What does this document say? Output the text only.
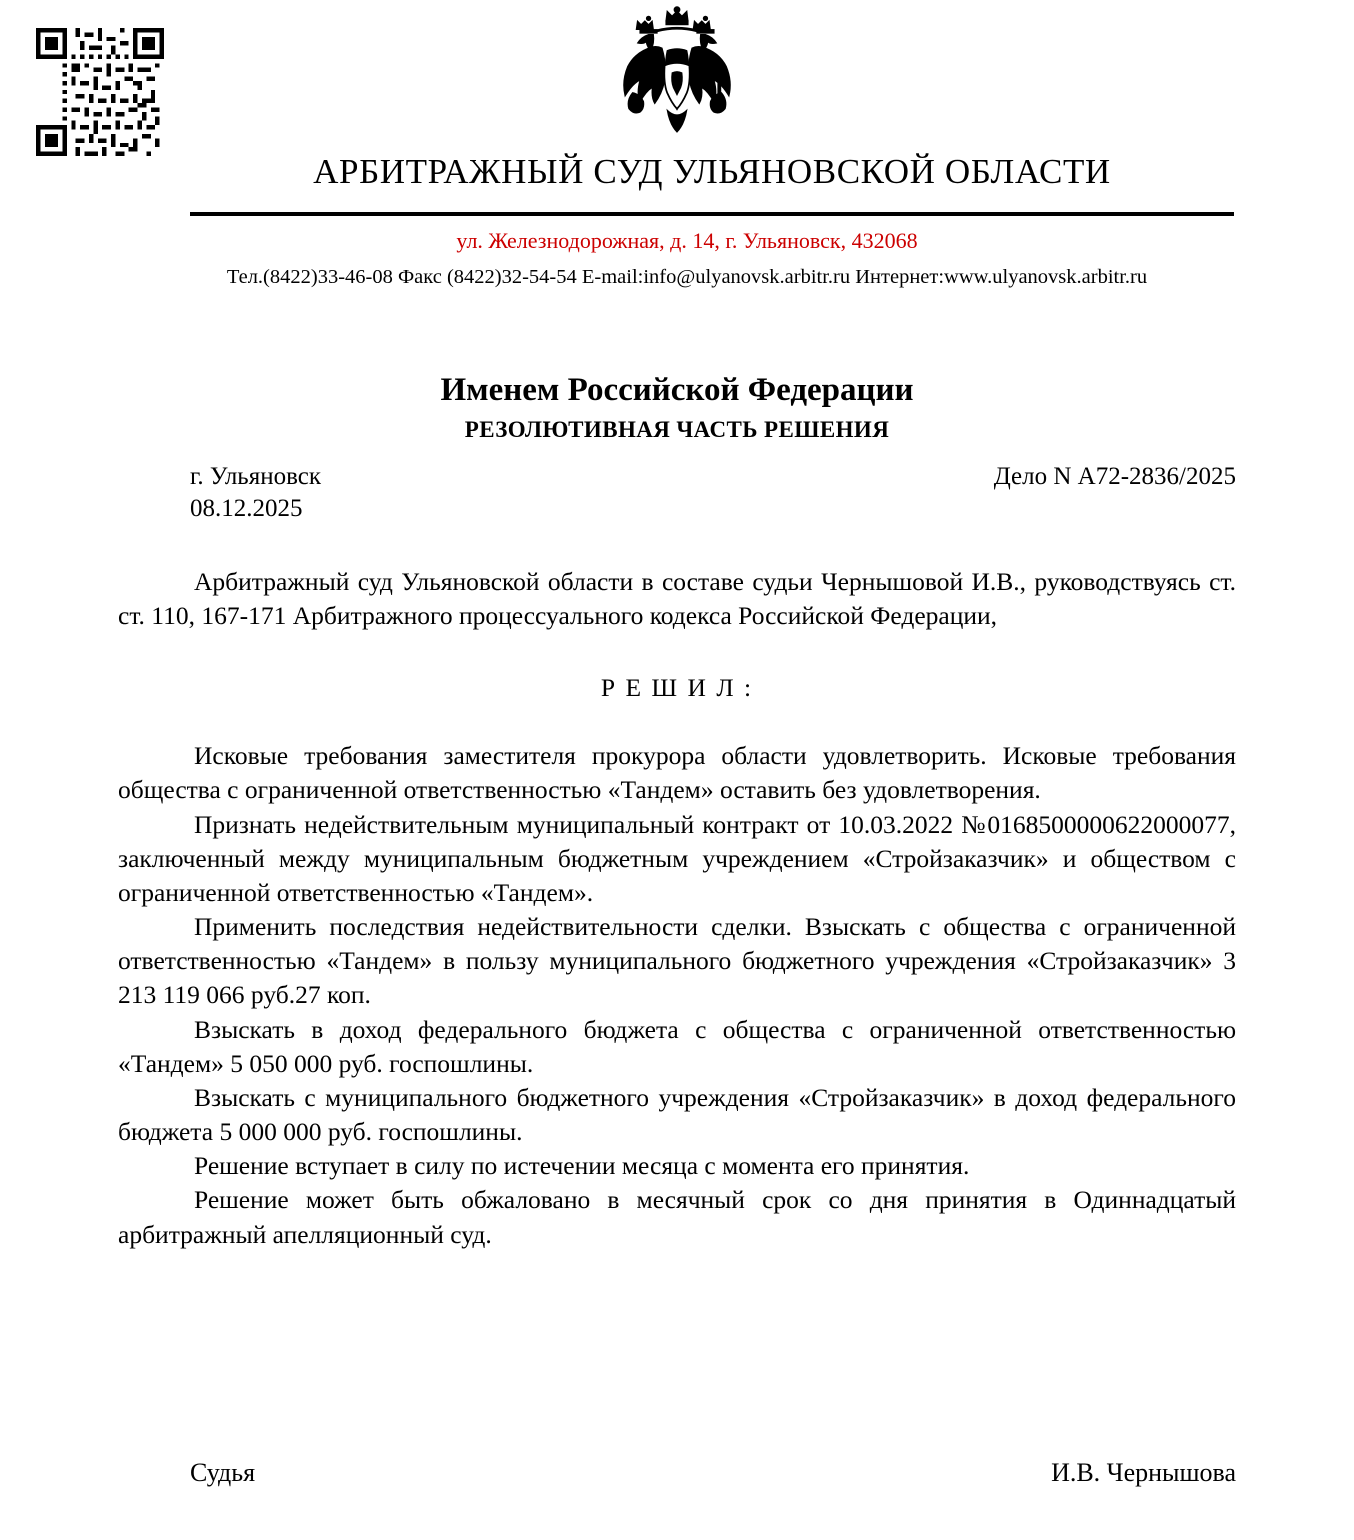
АРБИТРАЖНЫЙ СУД УЛЬЯНОВСКОЙ ОБЛАСТИ
ул. Железнодорожная, д. 14, г. Ульяновск, 432068
Тел.(8422)33-46-08 Факс (8422)32-54-54 E-mail:info@ulyanovsk.arbitr.ru Интернет:www.ulyanovsk.arbitr.ru
Именем Российской Федерации
РЕЗОЛЮТИВНАЯ ЧАСТЬ РЕШЕНИЯ
г. Ульяновск	Дело N А72-2836/2025
08.12.2025

Арбитражный суд Ульяновской области в составе судьи Чернышовой И.В., руководствуясь ст. ст. 110, 167-171 Арбитражного процессуального кодекса Российской Федерации,

Р Е Ш И Л :

Исковые требования заместителя прокурора области удовлетворить. Исковые требования общества с ограниченной ответственностью «Тандем» оставить без удовлетворения.

Признать недействительным муниципальный контракт от 10.03.2022 №0168500000622000077, заключенный между муниципальным бюджетным учреждением «Стройзаказчик» и обществом с ограниченной ответственностью «Тандем».

Применить последствия недействительности сделки. Взыскать с общества с ограниченной ответственностью «Тандем» в пользу муниципального бюджетного учреждения «Стройзаказчик» 3 213 119 066 руб.27 коп.

Взыскать в доход федерального бюджета с общества с ограниченной ответственностью «Тандем» 5 050 000 руб. госпошлины.

Взыскать с муниципального бюджетного учреждения «Стройзаказчик» в доход федерального бюджета 5 000 000 руб. госпошлины.

Решение вступает в силу по истечении месяца с момента его принятия.

Решение может быть обжаловано в месячный срок со дня принятия в Одиннадцатый арбитражный апелляционный суд.

Судья	И.В. Чернышова
